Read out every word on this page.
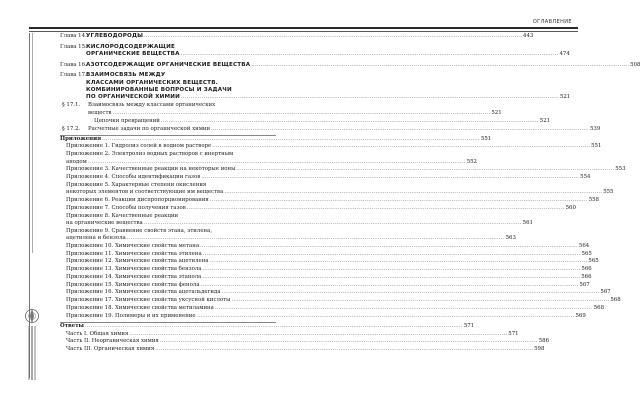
ОГЛАВЛЕНИЕ
Глава 14. УГЛЕВОДОРОДЫ ........................................................................................................................................................................................................ 443
Глава 15. КИСЛОРОДСОДЕРЖАЩИЕ
ОРГАНИЧЕСКИЕ ВЕЩЕСТВА ........................................................................................................................................................................................................ 474
Глава 16. АЗОТСОДЕРЖАЩИЕ ОРГАНИЧЕСКИЕ ВЕЩЕСТВА ........................................................................................................................................................................................................ 508
Глава 17. ВЗАИМОСВЯЗЬ МЕЖДУ
КЛАССАМИ ОРГАНИЧЕСКИХ ВЕЩЕСТВ.
КОМБИНИРОВАННЫЕ ВОПРОСЫ И ЗАДАЧИ
ПО ОРГАНИЧЕСКОЙ ХИМИИ ........................................................................................................................................................................................................ 521
§ 17.1. Взаимосвязь между классами органических
веществ ........................................................................................................................................................................................................ 521
Цепочки превращений ........................................................................................................................................................................................................ 521
§ 17.2. Расчетные задачи по органической химии ........................................................................................................................................................................................................ 539
Приложения ........................................................................................................................................................................................................ 551
Приложение 1. Гидролиз солей в водном растворе ........................................................................................................................................................................................................ 551
Приложение 2. Электролиз водных растворов с инертным
анодом ........................................................................................................................................................................................................ 552
Приложение 3. Качественные реакции на некоторые ионы ........................................................................................................................................................................................................ 553
Приложение 4. Способы идентификации газов ........................................................................................................................................................................................................ 554
Приложение 5. Характерные степени окисления
некоторых элементов и соответствующие им вещества ........................................................................................................................................................................................................ 555
Приложение 6. Реакции диспропорционирования ........................................................................................................................................................................................................ 558
Приложение 7. Способы получения газов ........................................................................................................................................................................................................ 560
Приложение 8. Качественные реакции
на органические вещества ........................................................................................................................................................................................................ 561
Приложение 9. Сравнение свойств этана, этилена,
ацетилена и бензола ........................................................................................................................................................................................................ 563
Приложение 10. Химические свойства метана ........................................................................................................................................................................................................ 564
Приложение 11. Химические свойства этилена ........................................................................................................................................................................................................ 565
Приложение 12. Химические свойства ацетилена ........................................................................................................................................................................................................ 565
Приложение 13. Химические свойства бензола ........................................................................................................................................................................................................ 566
Приложение 14. Химические свойства этанола ........................................................................................................................................................................................................ 566
Приложение 15. Химические свойства фенола ........................................................................................................................................................................................................ 567
Приложение 16. Химические свойства ацетальдегида ........................................................................................................................................................................................................ 567
Приложение 17. Химические свойства уксусной кислоты ........................................................................................................................................................................................................ 568
Приложение 18. Химические свойства метиламина ........................................................................................................................................................................................................ 568
Приложение 19. Полимеры и их применение ........................................................................................................................................................................................................ 569
Ответы ........................................................................................................................................................................................................ 571
Часть I. Общая химия ........................................................................................................................................................................................................ 571
Часть II. Неорганическая химия ........................................................................................................................................................................................................ 586
Часть III. Органическая химия ........................................................................................................................................................................................................ 598
